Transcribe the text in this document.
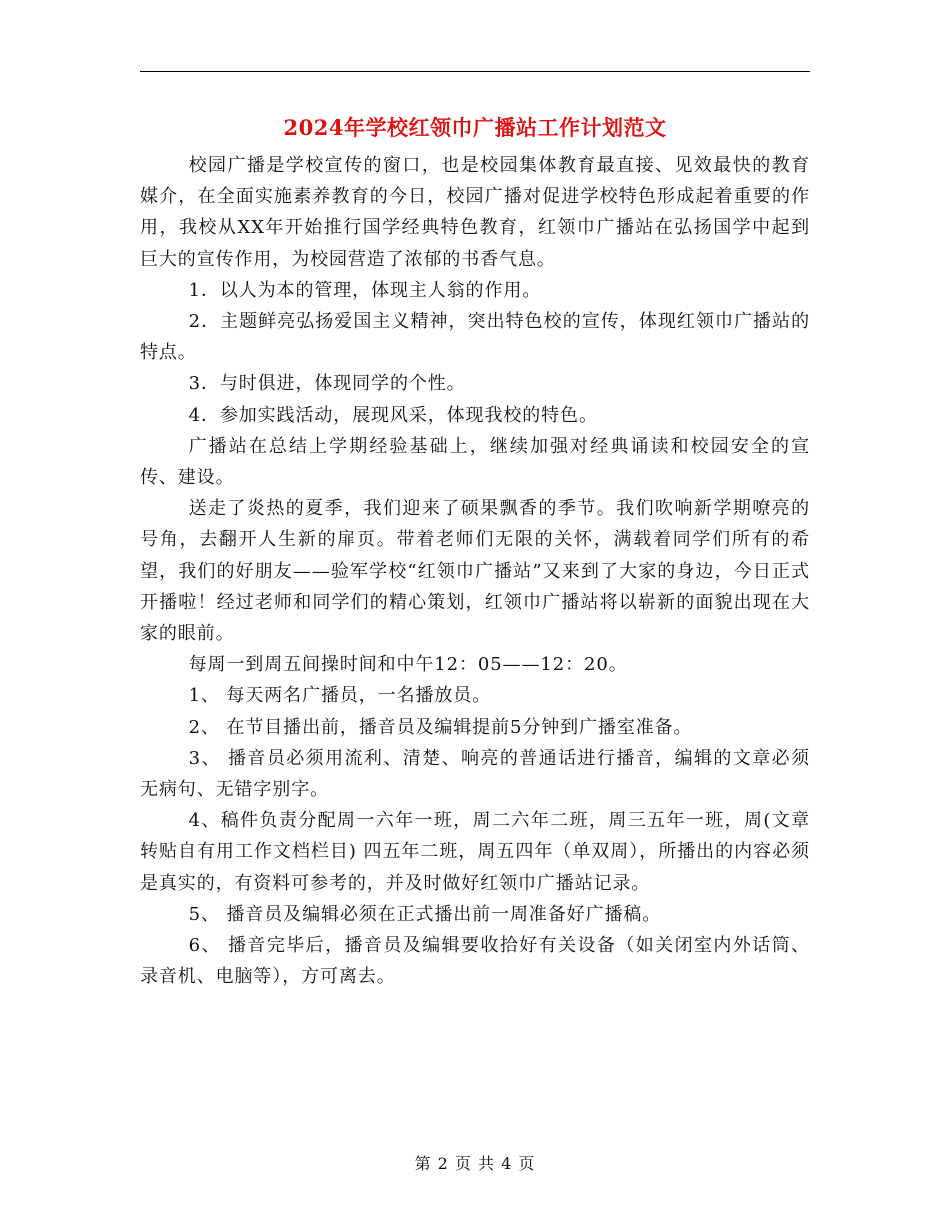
2024年学校红领巾广播站工作计划范文

校园广播是学校宣传的窗口，也是校园集体教育最直接、见效最快的教育媒介，在全面实施素养教育的今日，校园广播对促进学校特色形成起着重要的作用，我校从XX年开始推行国学经典特色教育，红领巾广播站在弘扬国学中起到巨大的宣传作用，为校园营造了浓郁的书香气息。

1．以人为本的管理，体现主人翁的作用。

2．主题鲜亮弘扬爱国主义精神，突出特色校的宣传，体现红领巾广播站的特点。

3．与时俱进，体现同学的个性。

4．参加实践活动，展现风采，体现我校的特色。

广播站在总结上学期经验基础上，继续加强对经典诵读和校园安全的宣传、建设。

送走了炎热的夏季，我们迎来了硕果飘香的季节。我们吹响新学期嘹亮的号角，去翻开人生新的扉页。带着老师们无限的关怀，满载着同学们所有的希望，我们的好朋友——验军学校“红领巾广播站”又来到了大家的身边，今日正式开播啦！经过老师和同学们的精心策划，红领巾广播站将以崭新的面貌出现在大家的眼前。

每周一到周五间操时间和中午12：05——12：20。

1、 每天两名广播员，一名播放员。

2、 在节目播出前，播音员及编辑提前5分钟到广播室准备。

3、 播音员必须用流利、清楚、响亮的普通话进行播音，编辑的文章必须无病句、无错字别字。

4、稿件负责分配周一六年一班，周二六年二班，周三五年一班，周(文章转贴自有用工作文档栏目) 四五年二班，周五四年（单双周），所播出的内容必须是真实的，有资料可参考的，并及时做好红领巾广播站记录。

5、 播音员及编辑必须在正式播出前一周准备好广播稿。

6、 播音完毕后，播音员及编辑要收拾好有关设备（如关闭室内外话筒、录音机、电脑等），方可离去。

第 2 页 共 4 页
